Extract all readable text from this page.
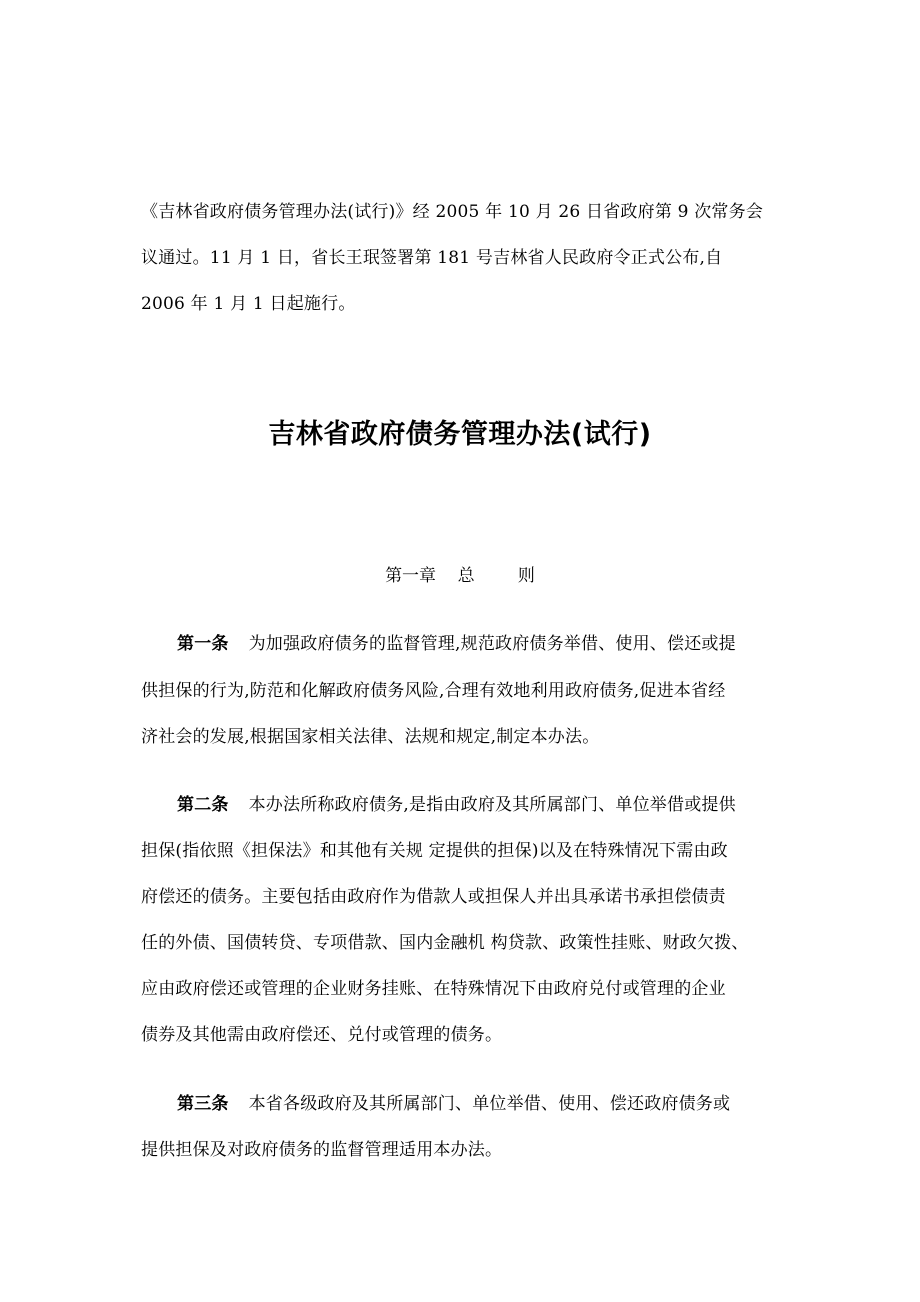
《吉林省政府债务管理办法(试行)》经 2005 年 10 月 26 日省政府第 9 次常务会
议通过。11 月 1 日，省长王珉签署第 181 号吉林省人民政府令正式公布,自
2006 年 1 月 1 日起施行。
吉林省政府债务管理办法(试行)
第一章    总        则
第一条 为加强政府债务的监督管理,规范政府债务举借、使用、偿还或提
供担保的行为,防范和化解政府债务风险,合理有效地利用政府债务,促进本省经
济社会的发展,根据国家相关法律、法规和规定,制定本办法。
第二条 本办法所称政府债务,是指由政府及其所属部门、单位举借或提供
担保(指依照《担保法》和其他有关规 定提供的担保)以及在特殊情况下需由政
府偿还的债务。主要包括由政府作为借款人或担保人并出具承诺书承担偿债责
任的外债、国债转贷、专项借款、国内金融机 构贷款、政策性挂账、财政欠拨、
应由政府偿还或管理的企业财务挂账、在特殊情况下由政府兑付或管理的企业
债券及其他需由政府偿还、兑付或管理的债务。
第三条 本省各级政府及其所属部门、单位举借、使用、偿还政府债务或
提供担保及对政府债务的监督管理适用本办法。
